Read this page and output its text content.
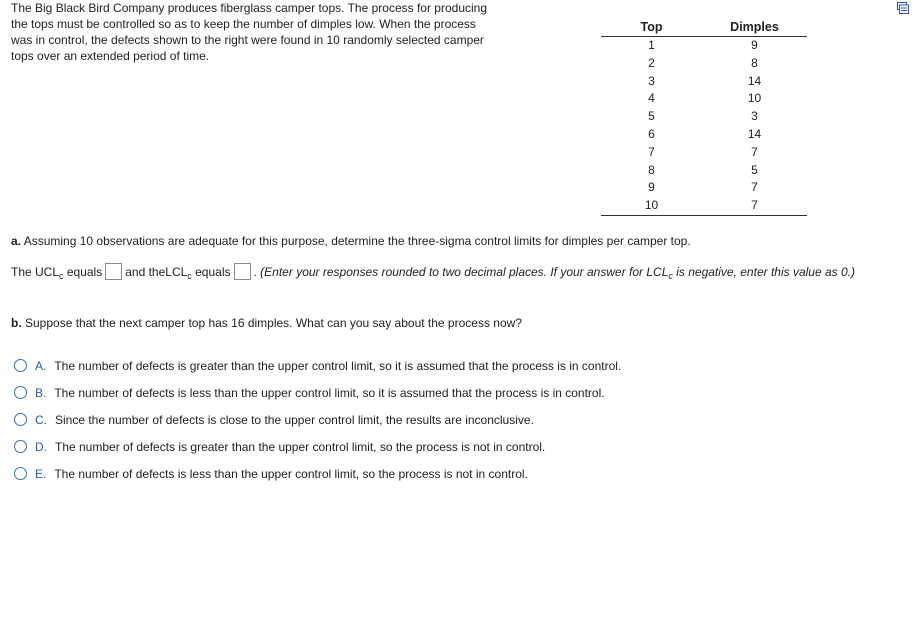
The Big Black Bird Company produces fiberglass camper tops. The process for producing the tops must be controlled so as to keep the number of dimples low. When the process was in control, the defects shown to the right were found in 10 randomly selected camper tops over an extended period of time.
Top	Dimples
1	9
2	8
3	14
4	10
5	3
6	14
7	7
8	5
9	7
10	7
a. Assuming 10 observations are adequate for this purpose, determine the three-sigma control limits for dimples per camper top.
The $UCL_c$ equals and theLCL$_c$ equals . (Enter your responses rounded to two decimal places. If your answer for $LCL_c$ is negative, enter this value as 0.)
b. Suppose that the next camper top has 16 dimples. What can you say about the process now?
A. The number of defects is greater than the upper control limit, so it is assumed that the process is in control.
B. The number of defects is less than the upper control limit, so it is assumed that the process is in control.
C. Since the number of defects is close to the upper control limit, the results are inconclusive.
D. The number of defects is greater than the upper control limit, so the process is not in control.
E. The number of defects is less than the upper control limit, so the process is not in control.
